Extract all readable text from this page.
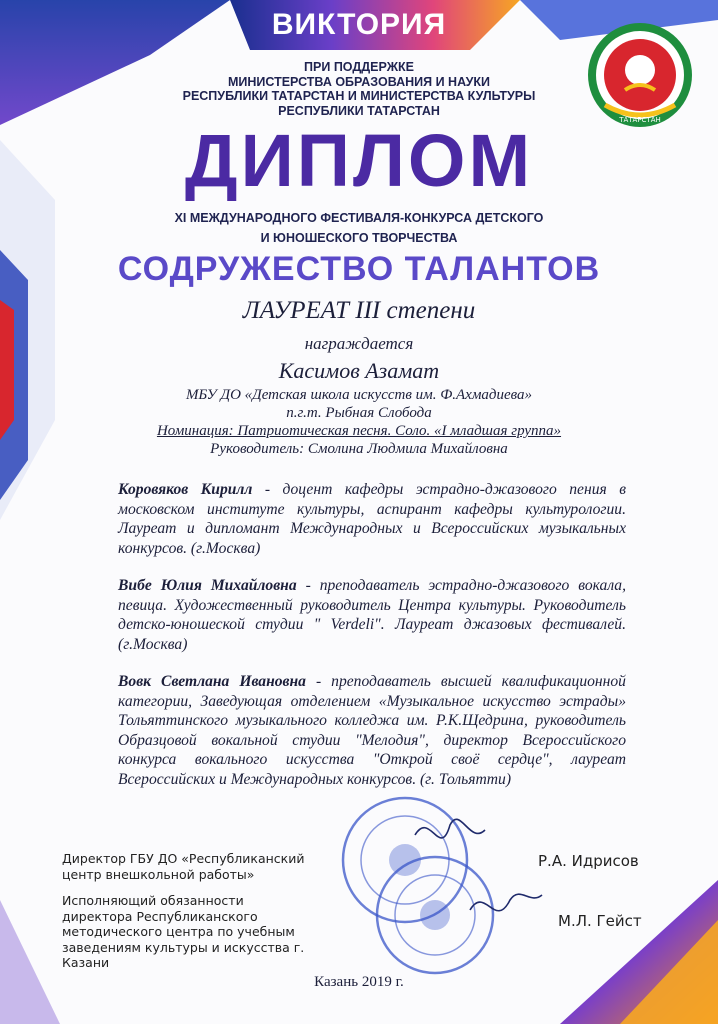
ТАТАРСТАН
ВИКТОРИЯ
ПРИ ПОДДЕРЖКЕ
МИНИСТЕРСТВА ОБРАЗОВАНИЯ И НАУКИ
РЕСПУБЛИКИ ТАТАРСТАН И МИНИСТЕРСТВА КУЛЬТУРЫ
РЕСПУБЛИКИ ТАТАРСТАН
ДИПЛОМ
XI МЕЖДУНАРОДНОГО ФЕСТИВАЛЯ-КОНКУРСА ДЕТСКОГО
И ЮНОШЕСКОГО ТВОРЧЕСТВА
СОДРУЖЕСТВО ТАЛАНТОВ
ЛАУРЕАТ III степени
награждается
Касимов Азамат
МБУ ДО «Детская школа искусств им. Ф.Ахмадиева»
п.г.т. Рыбная Слобода
Номинация: Патриотическая песня. Соло. «I младшая группа»
Руководитель: Смолина Людмила Михайловна
Коровяков Кирилл - доцент кафедры эстрадно-джазового пения в московском институте культуры, аспирант кафедры культурологии. Лауреат и дипломант Международных и Всероссийских музыкальных конкурсов. (г.Москва)
Вибе Юлия Михайловна - преподаватель эстрадно-джазового вокала, певица. Художественный руководитель Центра культуры. Руководитель детско-юношеской студии " Verdeli". Лауреат джазовых фестивалей. (г.Москва)
Вовк Светлана Ивановна - преподаватель высшей квалификационной категории, Заведующая отделением «Музыкальное искусство эстрады» Тольяттинского музыкального колледжа им. Р.К.Щедрина, руководитель Образцовой вокальной студии "Мелодия", директор Всероссийского конкурса вокального искусства "Открой своё сердце", лауреат Всероссийских и Международных конкурсов. (г. Тольятти)
Директор ГБУ ДО «Республиканский
центр внешкольной работы»
Р.А. Идрисов
Исполняющий обязанности
директора Республиканского
методического центра по учебным
заведениям культуры и искусства г. Казани
М.Л. Гейст
Казань 2019 г.
